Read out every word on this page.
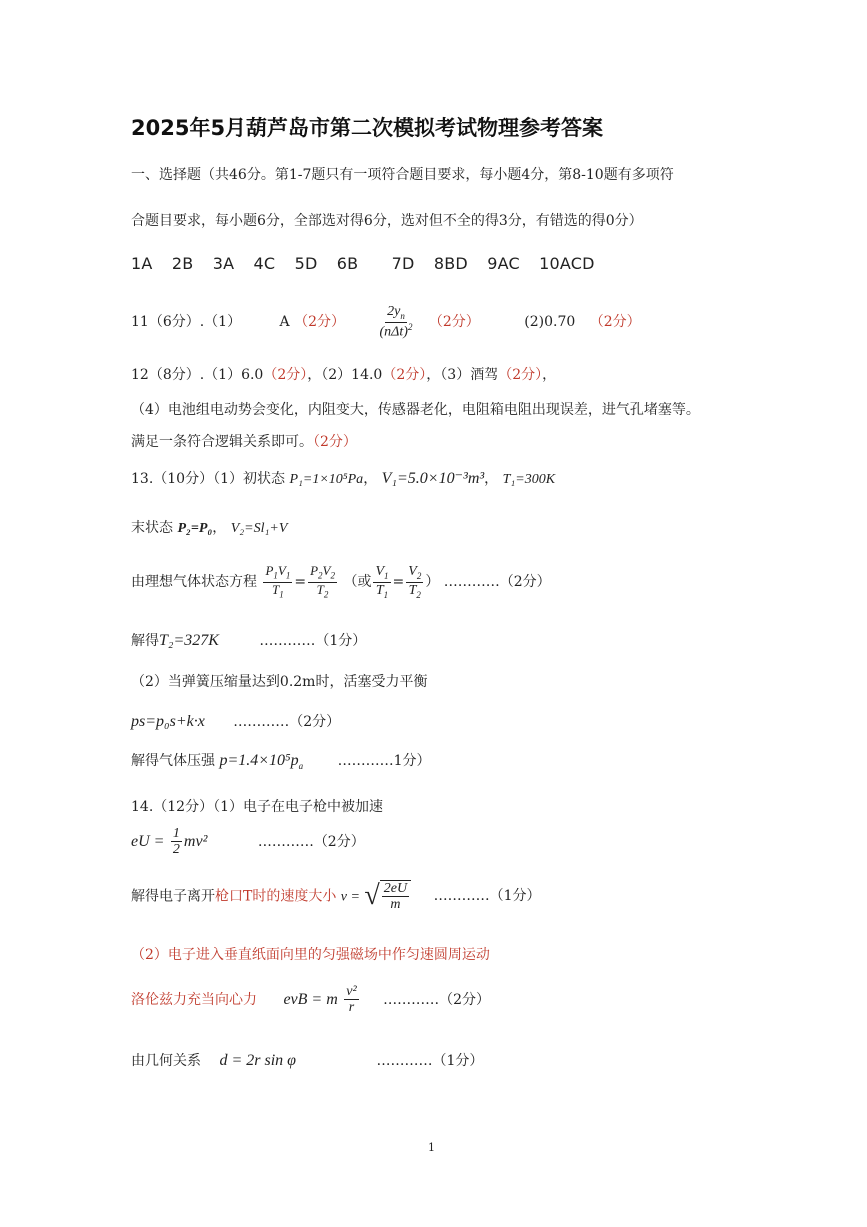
2025年5月葫芦岛市第二次模拟考试物理参考答案
一、选择题（共46分。第1-7题只有一项符合题目要求，每小题4分，第8-10题有多项符
合题目要求，每小题6分，全部选对得6分，选对但不全的得3分，有错选的得0分）
1A 2B 3A 4C 5D 6B 7D 8BD 9AC 10ACD
11（6分）.（1）	A （2分） $\frac{2y_n}{(n\Delta t)^2} (2$分）	(2)0.70 （2分）
12（8分）.（1）6.0（2分），（2）14.0（2分），（3）酒驾（2分），
（4）电池组电动势会变化，内阻变大，传感器老化，电阻箱电阻出现误差，进气孔堵塞等。
满足一条符合逻辑关系即可。（2分）
13.（10分）（1）初状态 P₁=1×10⁵Pa， V₁=5.0×10⁻³m³， T₁=300K
末状态 P₂=P₀， V₂=Sl₁+V
由理想气体状态方程 $\frac{P_1V_1}{T_1} = \frac{P_2V_2}{T_2}$ （或 $\frac{V_1}{T_1} = \frac{V_2}{T_2}$ ） …………（2分）
解得T₂=327K	…………（1分）
（2）当弹簧压缩量达到0.2m时，活塞受力平衡
ps=p₀s+k·x …………（2分）
解得气体压强 $p=1.4\times 10^5p_a$ …………1分）
14.（12分）（1）电子在电子枪中被加速
eU = $\frac{1}{2} mv^2$	…………（2分）
解得电子离开枪口T时的速度大小 v = √ $\frac{2eU}{m}$ …………（1分）
（2）电子进入垂直纸面向里的匀强磁场中作匀速圆周运动
洛伦兹力充当向心力 evB = m $\frac{\text{v²}}{r}$ …………（2分）
由几何关系 d = 2r sin φ	…………（1分）
1
